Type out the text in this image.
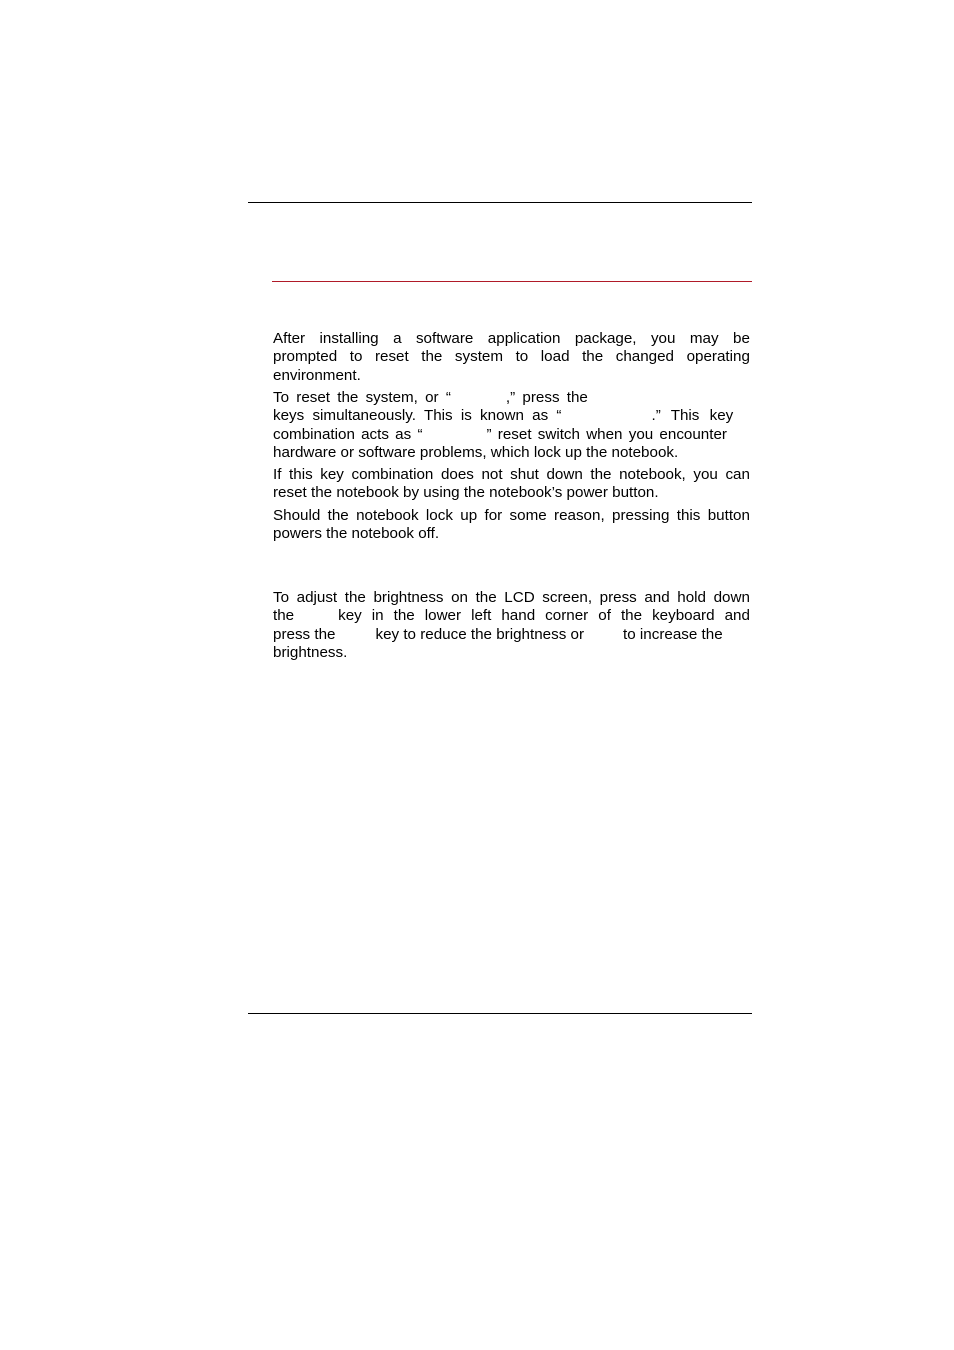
After installing a software application package, you may be
prompted to reset the system to load the changed operating
environment.
To reset the system, or “	,” press the
keys simultaneously. This is known as “	.” This key
combination acts as “	” reset switch when you encounter
hardware or software problems, which lock up the notebook.
If this key combination does not shut down the notebook, you can
reset the notebook by using the notebook’s power button.
Should the notebook lock up for some reason, pressing this button
powers the notebook off.
To adjust the brightness on the LCD screen, press and hold down
the	key in the lower left hand corner of the keyboard and
press the	key to reduce the brightness or	to increase the
brightness.
